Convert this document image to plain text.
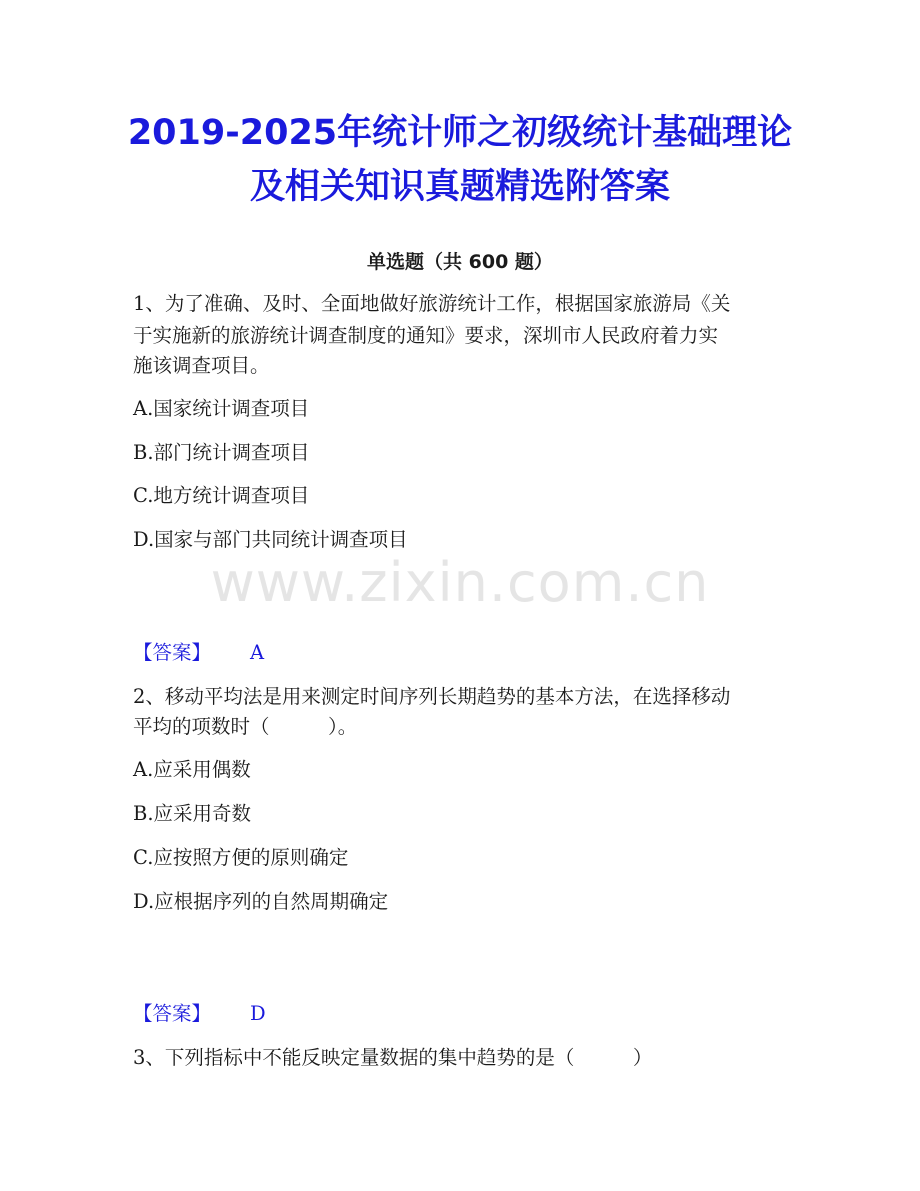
2019-2025年统计师之初级统计基础理论
及相关知识真题精选附答案
单选题（共 600 题）
1、为了准确、及时、全面地做好旅游统计工作，根据国家旅游局《关
于实施新的旅游统计调查制度的通知》要求，深圳市人民政府着力实
施该调查项目。
A.国家统计调查项目
B.部门统计调查项目
C.地方统计调查项目
D.国家与部门共同统计调查项目
www.zixin.com.cn
【答案】 A
2、移动平均法是用来测定时间序列长期趋势的基本方法，在选择移动
平均的项数时（　　　）。
A.应采用偶数
B.应采用奇数
C.应按照方便的原则确定
D.应根据序列的自然周期确定
【答案】 D
3、下列指标中不能反映定量数据的集中趋势的是（　　　）
